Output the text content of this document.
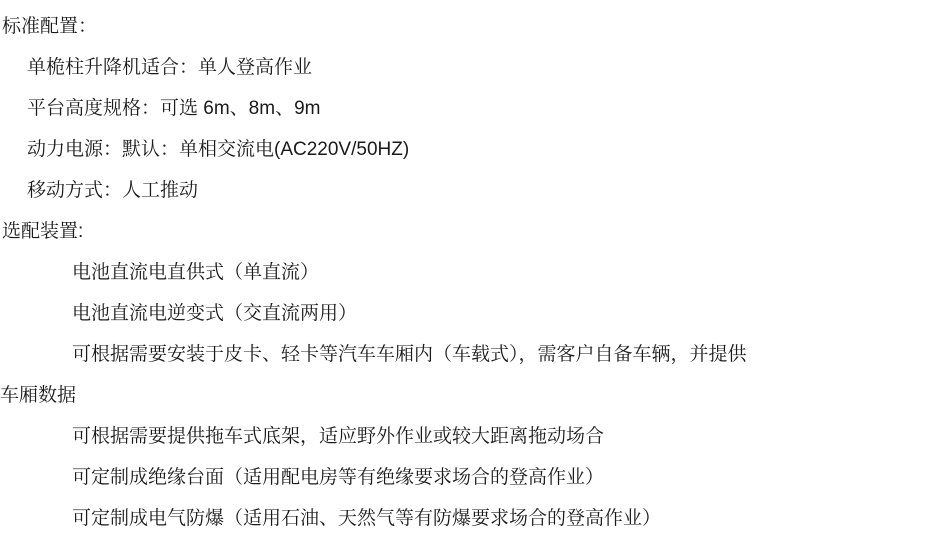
标准配置：
单桅柱升降机适合：单人登高作业
平台高度规格：可选 6m、8m、9m
动力电源：默认：单相交流电(AC220V/50HZ)
移动方式：人工推动
选配装置:
电池直流电直供式（单直流）
电池直流电逆变式（交直流两用）
可根据需要安装于皮卡、轻卡等汽车车厢内（车载式），需客户自备车辆，并提供
车厢数据
可根据需要提供拖车式底架，适应野外作业或较大距离拖动场合
可定制成绝缘台面（适用配电房等有绝缘要求场合的登高作业）
可定制成电气防爆（适用石油、天然气等有防爆要求场合的登高作业）
